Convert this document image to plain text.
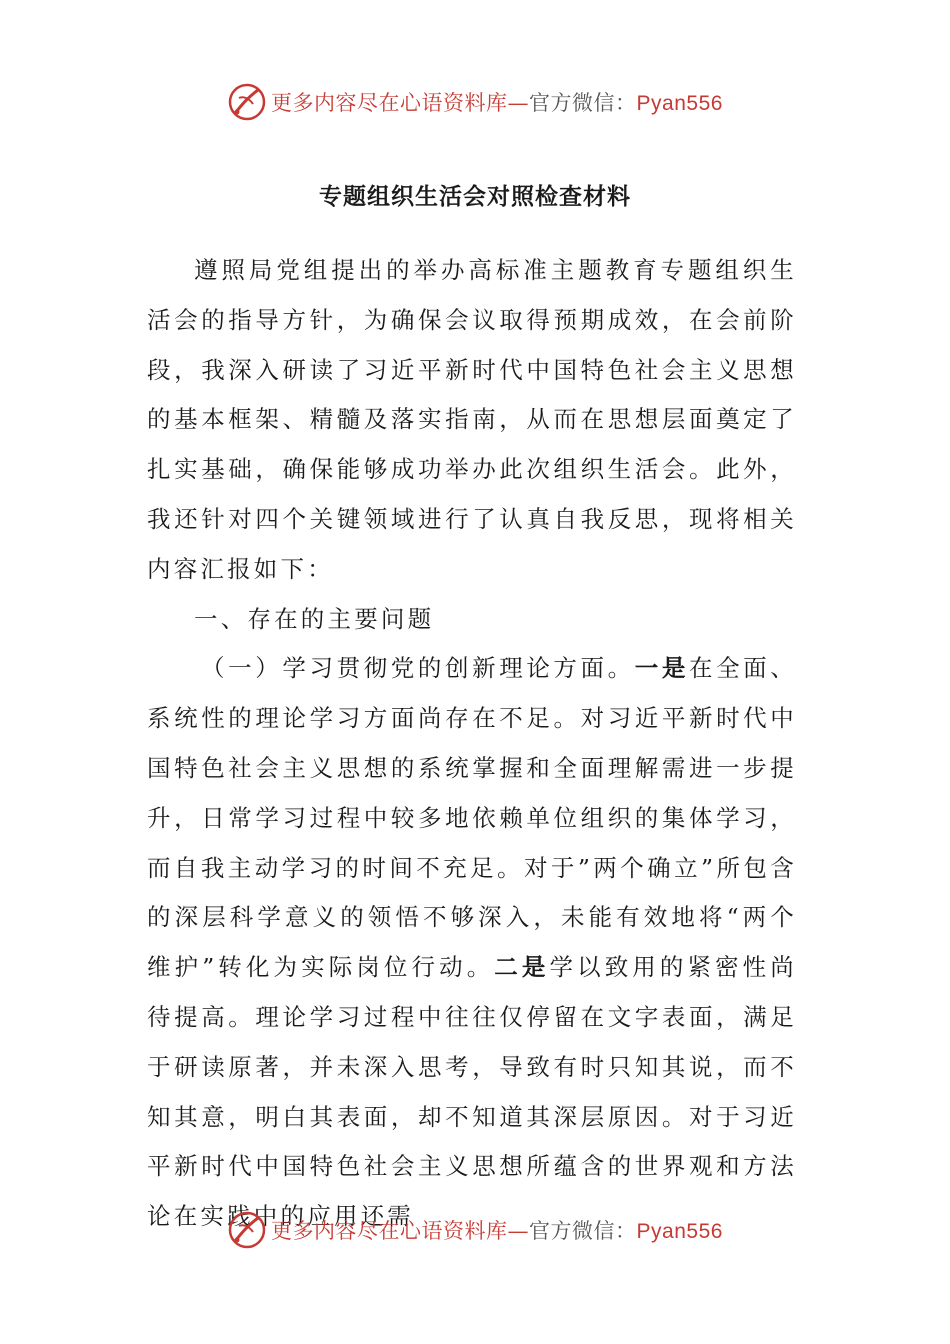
更多内容尽在心语资料库—官方微信：Pyan556
专题组织生活会对照检查材料

遵照局党组提出的举办高标准主题教育专题组织生活会的指导方针，为确保会议取得预期成效，在会前阶段，我深入研读了习近平新时代中国特色社会主义思想的基本框架、精髓及落实指南，从而在思想层面奠定了扎实基础，确保能够成功举办此次组织生活会。此外，我还针对四个关键领域进行了认真自我反思，现将相关内容汇报如下：

一、存在的主要问题

（一）学习贯彻党的创新理论方面。一是在全面、系统性的理论学习方面尚存在不足。对习近平新时代中国特色社会主义思想的系统掌握和全面理解需进一步提升，日常学习过程中较多地依赖单位组织的集体学习，而自我主动学习的时间不充足。对于”两个确立”所包含的深层科学意义的领悟不够深入，未能有效地将“两个维护”转化为实际岗位行动。二是学以致用的紧密性尚待提高。理论学习过程中往往仅停留在文字表面，满足于研读原著，并未深入思考，导致有时只知其说，而不知其意，明白其表面，却不知道其深层原因。对于习近平新时代中国特色社会主义思想所蕴含的世界观和方法论在实践中的应用还需

更多内容尽在心语资料库—官方微信：Pyan556
